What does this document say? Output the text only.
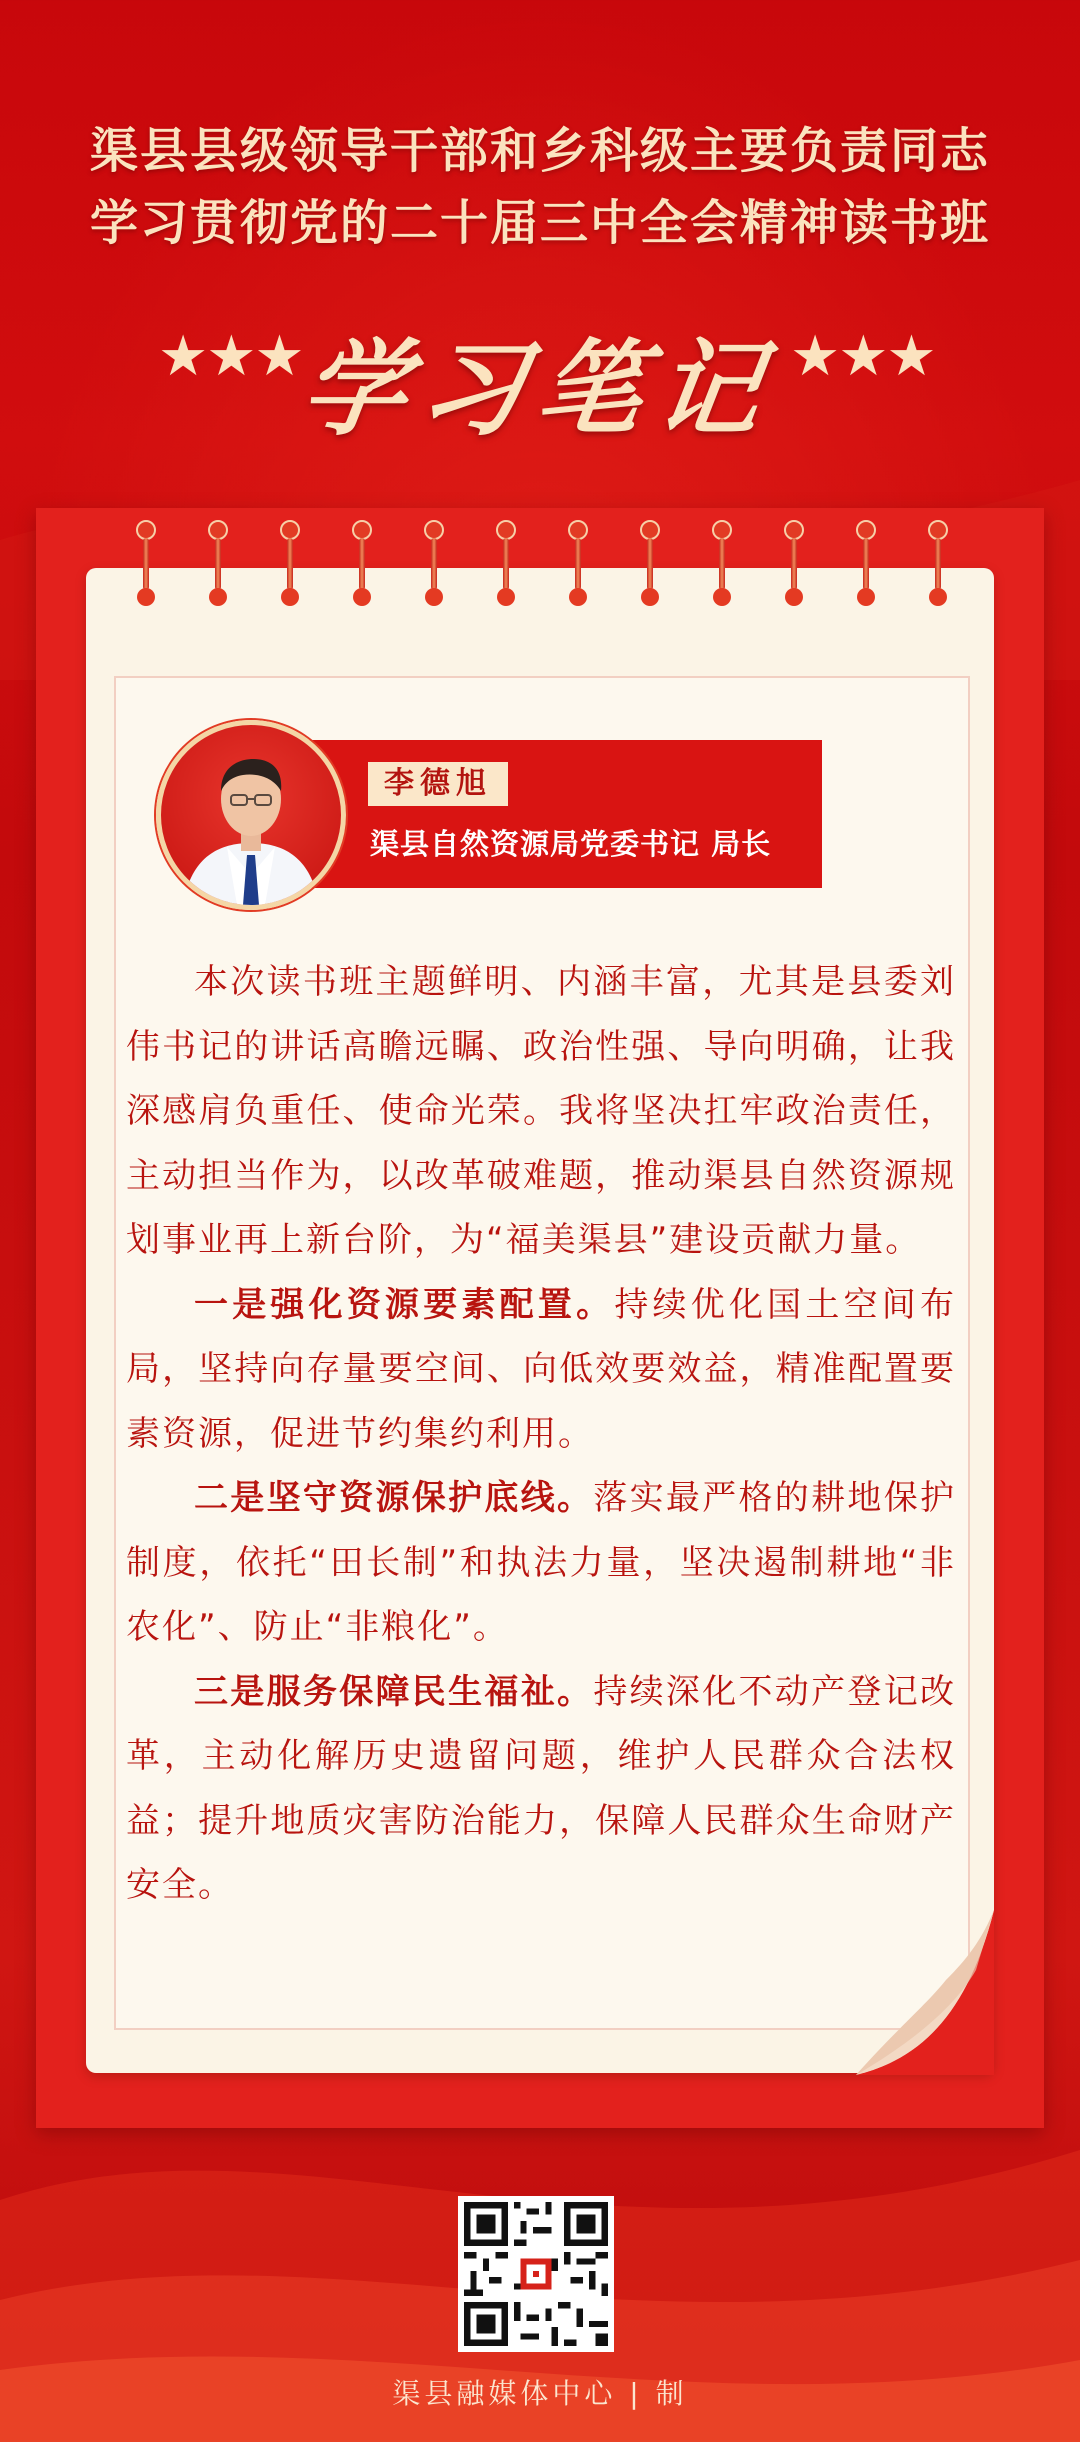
渠县县级领导干部和乡科级主要负责同志
学习贯彻党的二十届三中全会精神读书班
★★★
学习笔记 ★★★
李德旭
渠县自然资源局党委书记 局长

本次读书班主题鲜明、内涵丰富，尤其是县委刘伟书记的讲话高瞻远瞩、政治性强、导向明确，让我深感肩负重任、使命光荣。我将坚决扛牢政治责任，主动担当作为，以改革破难题，推动渠县自然资源规划事业再上新台阶，为“福美渠县”建设贡献力量。

一是强化资源要素配置。持续优化国土空间布局，坚持向存量要空间、向低效要效益，精准配置要素资源，促进节约集约利用。

二是坚守资源保护底线。落实最严格的耕地保护制度，依托“田长制”和执法力量，坚决遏制耕地“非农化”、防止“非粮化”。

三是服务保障民生福祉。持续深化不动产登记改革，主动化解历史遗留问题，维护人民群众合法权益；提升地质灾害防治能力，保障人民群众生命财产安全。

渠县融媒体中心 | 制
